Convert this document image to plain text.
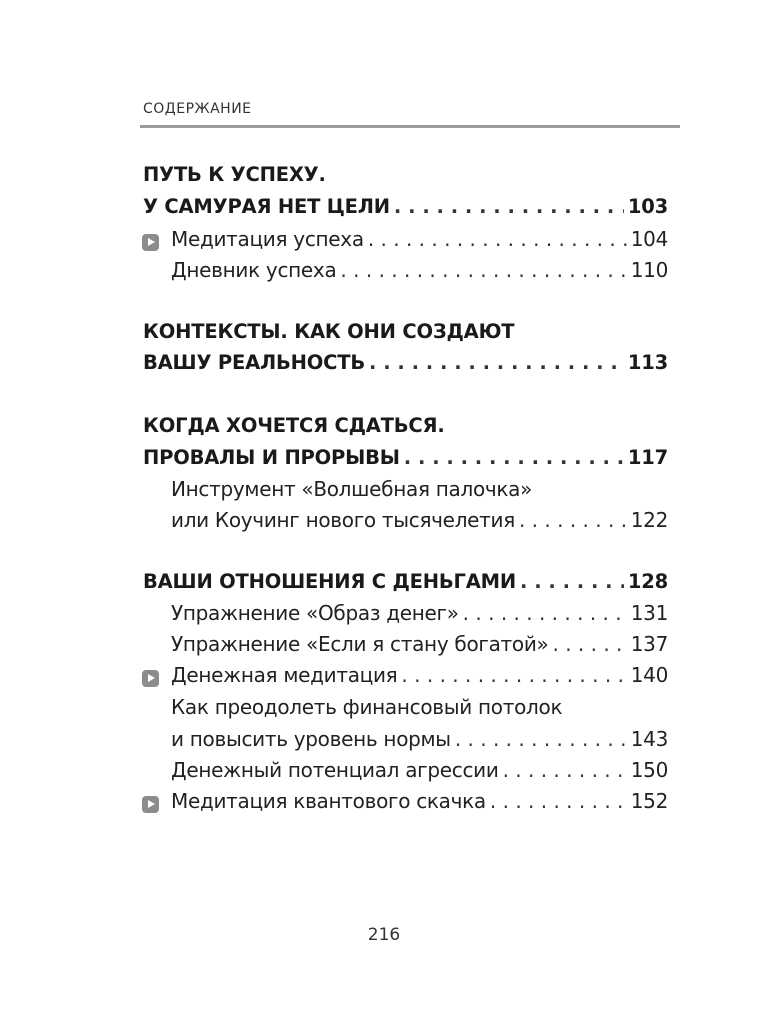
СОДЕРЖАНИЕ
ПУТЬ К УСПЕХУ.
У САМУРАЯ НЕТ ЦЕЛИ . . .	103
Медитация успеха . . .	104
Дневник успеха . . .	110
КОНТЕКСТЫ. КАК ОНИ СОЗДАЮТ
ВАШУ РЕАЛЬНОСТЬ . . .	113
КОГДА ХОЧЕТСЯ СДАТЬСЯ.
ПРОВАЛЫ И ПРОРЫВЫ . . .	117
Инструмент «Волшебная палочка»
или Коучинг нового тысячелетия . . .	122
ВАШИ ОТНОШЕНИЯ С ДЕНЬГАМИ . . .	128
Упражнение «Образ денег» . . .	131
Упражнение «Если я стану богатой» . . .	137
Денежная медитация . . .	140
Как преодолеть финансовый потолок
и повысить уровень нормы . . .	143
Денежный потенциал агрессии . . .	150
Медитация квантового скачка . . .	152
216
